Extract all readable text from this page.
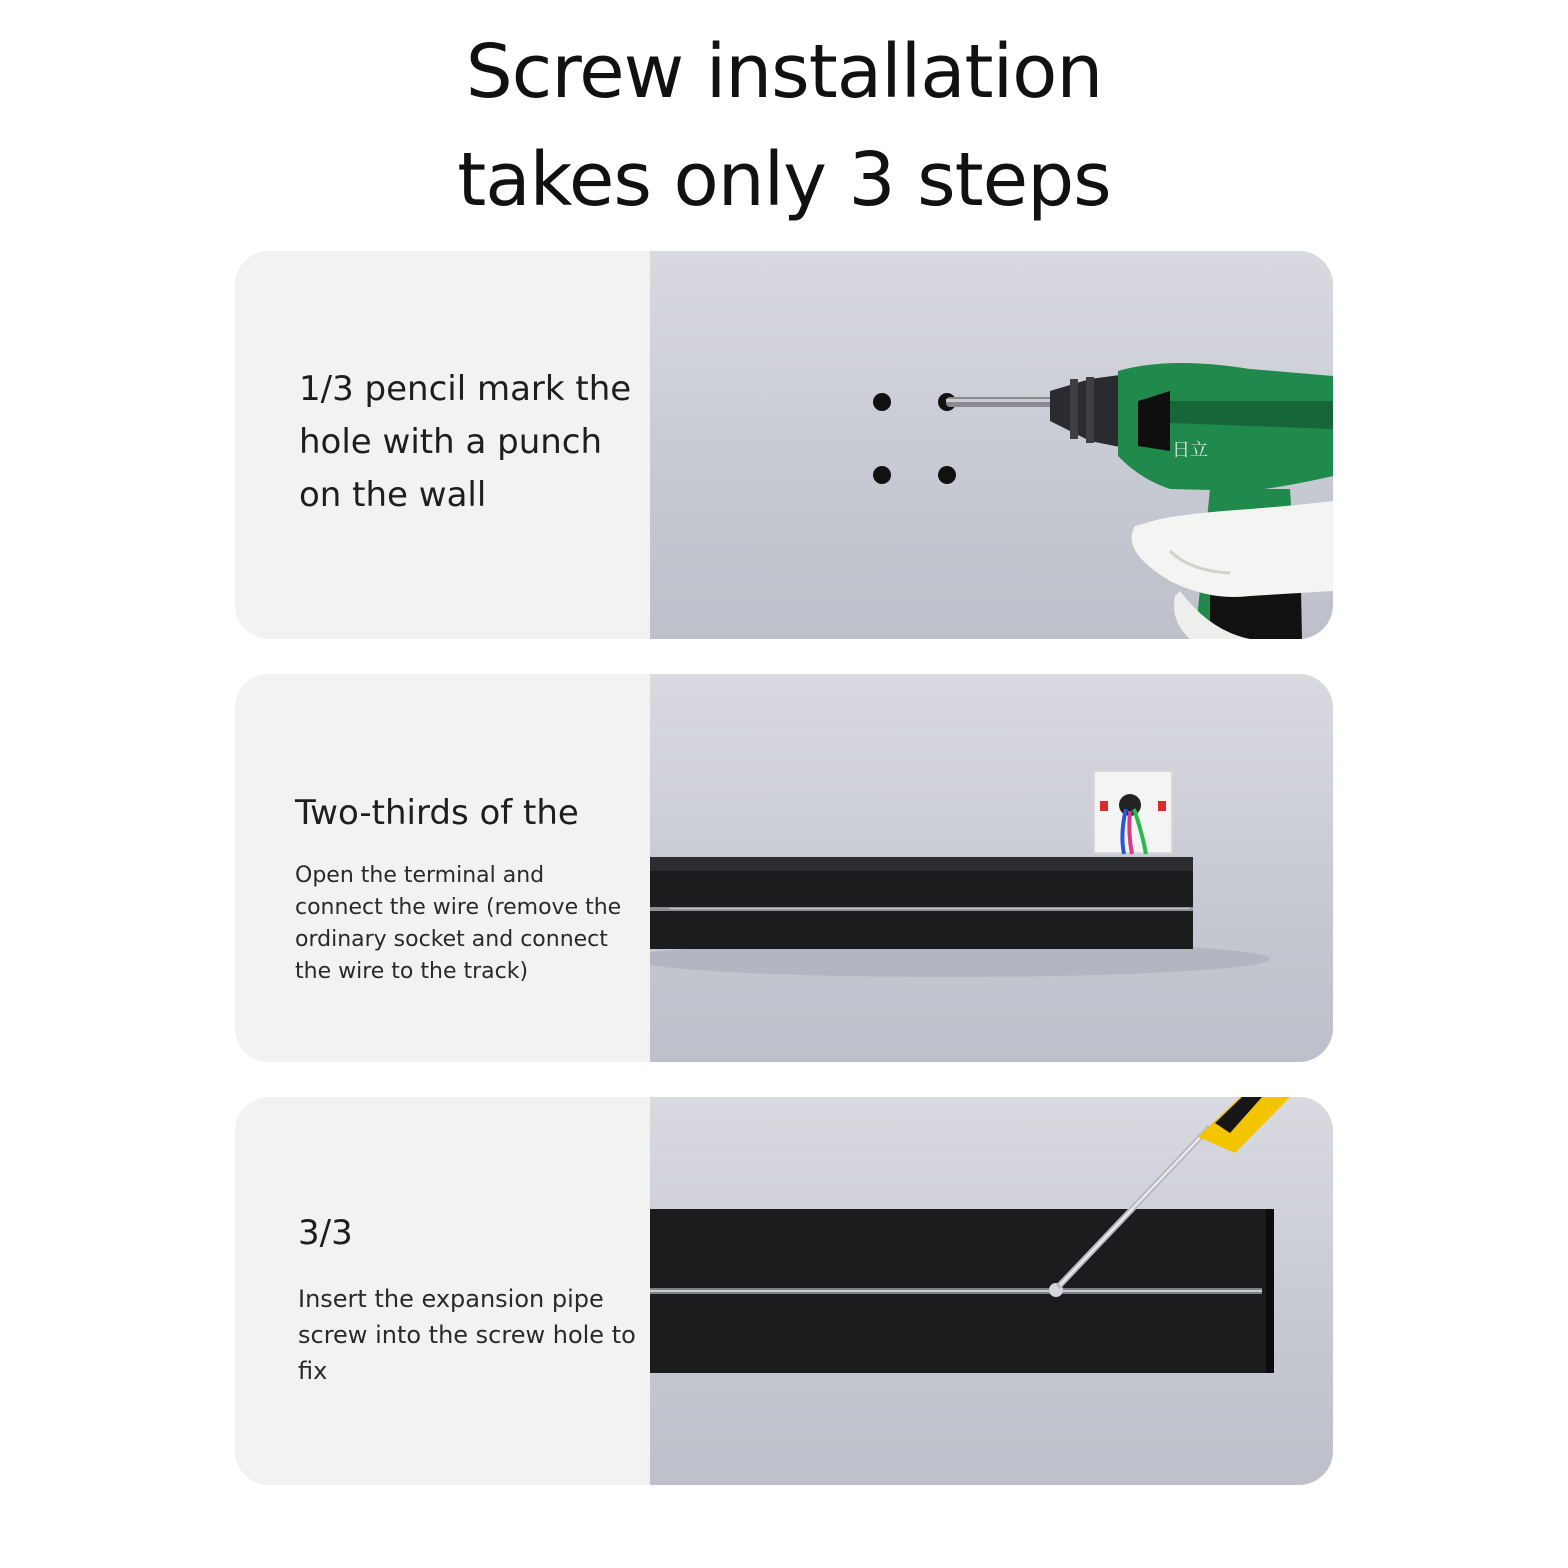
Screw installation
takes only 3 steps
1/3 pencil mark the hole with a punch on the wall
日立
Two-thirds of the
Open the terminal and connect the wire (remove the ordinary socket and connect the wire to the track)
3/3
Insert the expansion pipe screw into the screw hole to fix
